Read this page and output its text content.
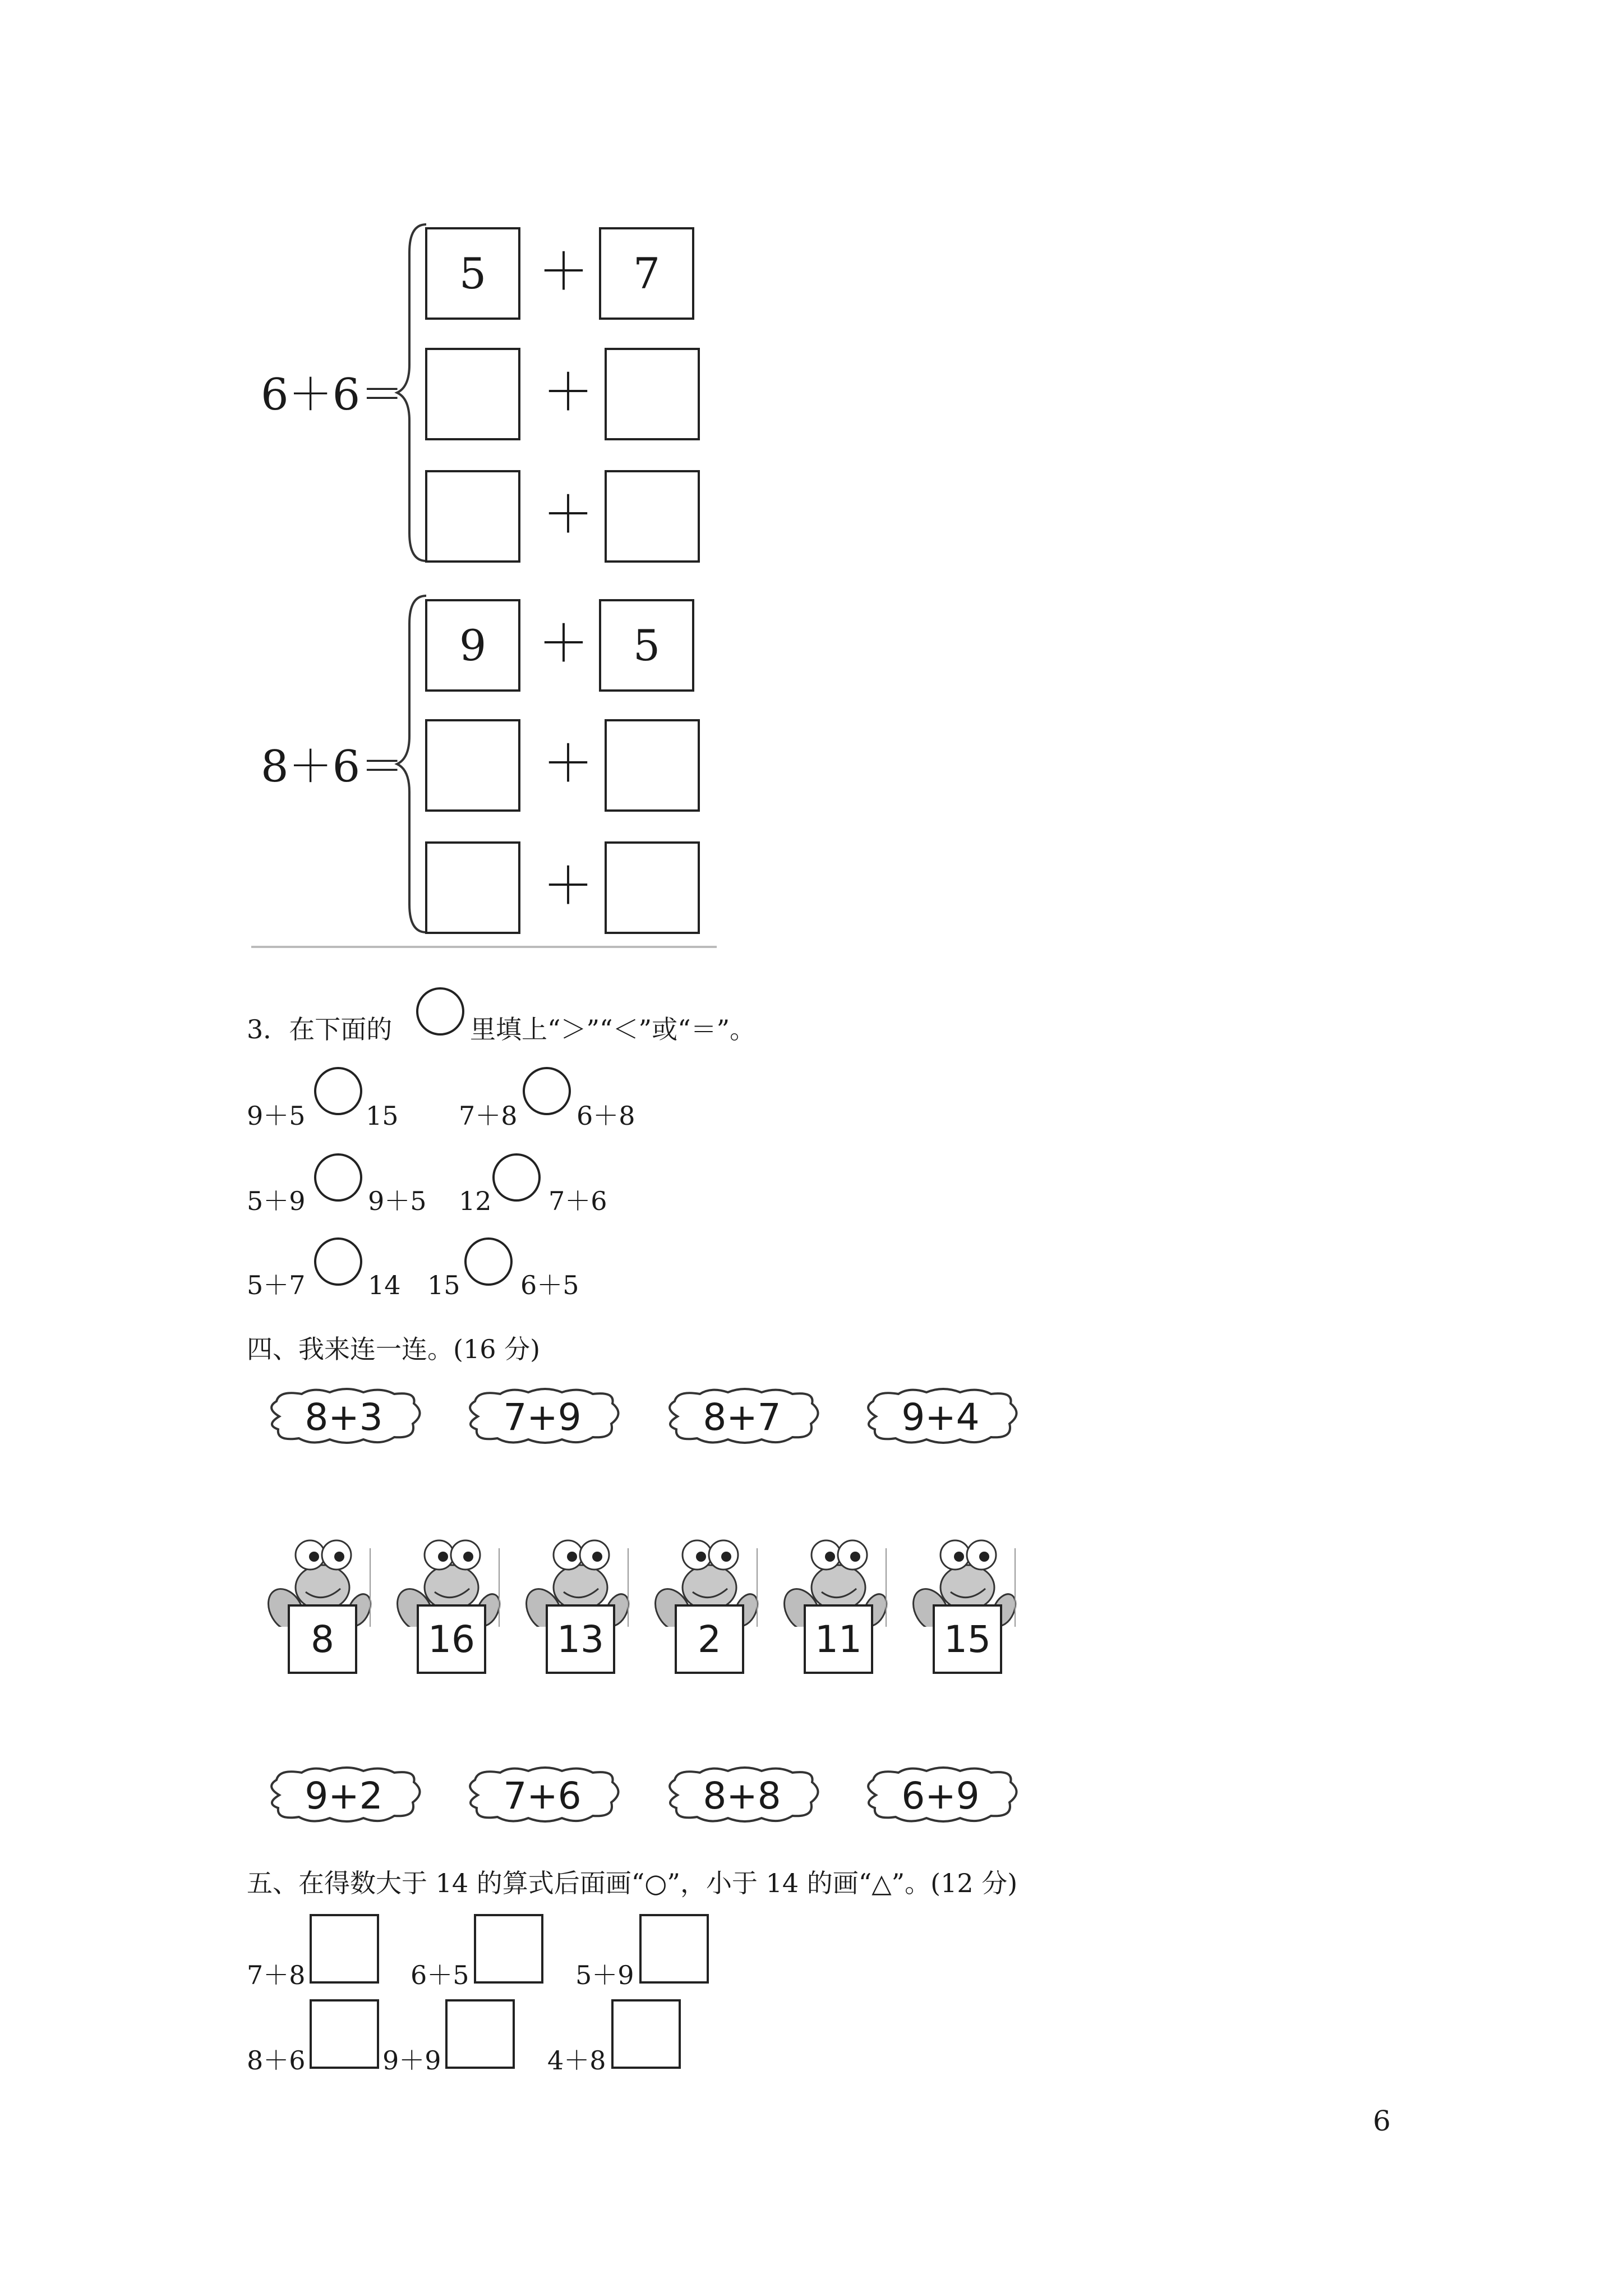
6＋6＝
5	＋	7
＋
＋
8＋6＝
9	＋	5
＋
＋
3．在下面的	里填上“＞”“＜”或“＝”。
9＋5 15 7＋8 6＋8
5＋9 9＋5 12 7＋6
5＋7 14 15 6＋5
四、我来连一连。(16 分)
8+3	7+9	8+7	9+4
8	16	13	2	11	15
9+2	7+6	8+8	6+9
五、在得数大于 14 的算式后面画“○”，小于 14 的画“△”。(12 分)
7＋8	6＋5	5＋9
8＋6	9＋9	4＋8
6
